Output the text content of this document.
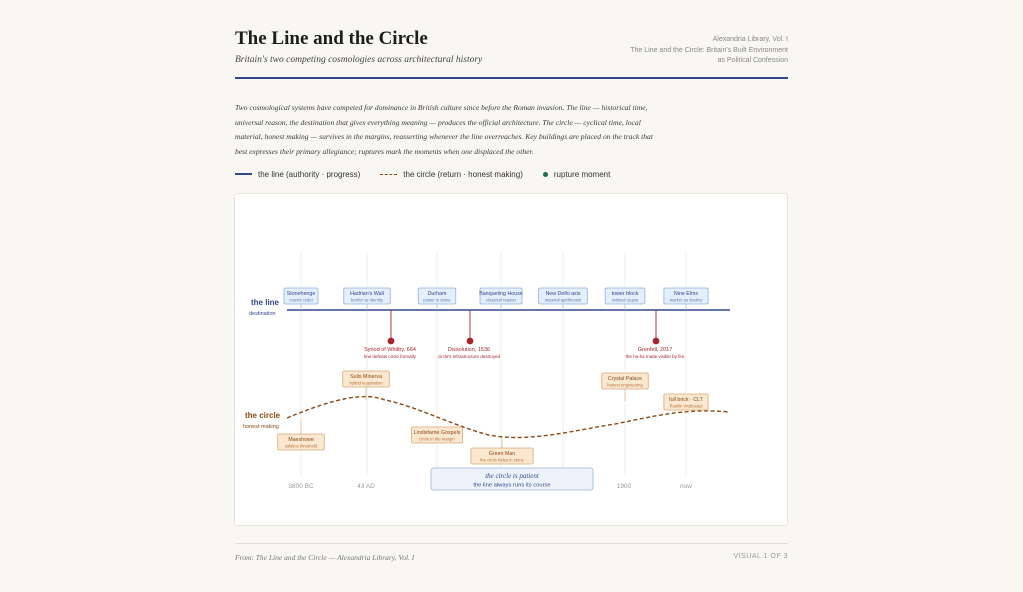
The Line and the Circle
Britain's two competing cosmologies across architectural history
Alexandria Library, Vol. I
The Line and the Circle: Britain's Built Environment
as Political Confession
Two cosmological systems have competed for dominance in British culture since before the Roman invasion. The line — historical time, universal reason, the destination that gives everything meaning — produces the official architecture. The circle — cyclical time, local material, honest making — survives in the margins, reasserting whenever the line overreaches. Key buildings are placed on the track that best expresses their primary allegiance; ruptures mark the moments when one displaced the other.
the line (authority · progress)	the circle (return · honest making)	rupture moment
the line
destination
the circle
honest making
Stonehenge
cosmic order
Hadrian's Wall
border as identity
Durham
power in stone
Banqueting House
classical reason
New Delhi axis
imperial apotheosis
tower block
rational utopia
Nine Elms
market as destiny
Synod of Whitby, 664
line defeats circle formally
Dissolution, 1536
circle's infrastructure destroyed
Grenfell, 2017
the ha-ha made visible by fire
Sulis Minerva
hybrid negotiation
Maeshowe
solstice threshold
Lindisfarne Gospels
circle in the margin
Green Man
the circle hides in stone
Crystal Palace
honest engineering
full brick · CLT
Ruskin vindicated
3800 BC	43 AD	1900	now
the circle is patient
the line always runs its course
From: The Line and the Circle — Alexandria Library, Vol. I	VISUAL 1 OF 3
